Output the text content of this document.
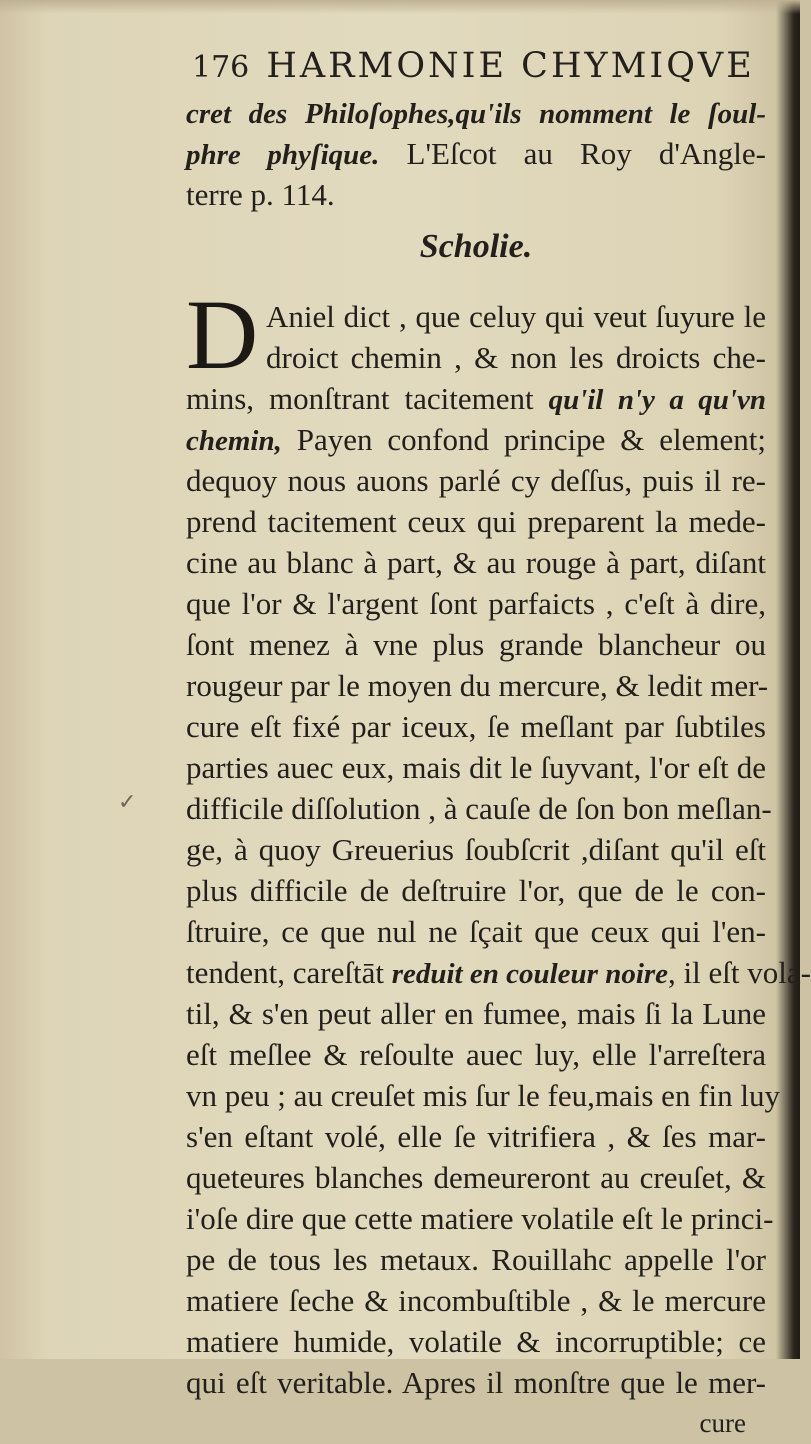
176 HARMONIE CHYMIQVE
cret des Philoſophes,qu'ils nomment le ſoul-
phre phyſique. L'Eſcot au Roy d'Angle-
terre p. 114.
Scholie.
D Aniel dict , que celuy qui veut ſuyure le
droict chemin , & non les droicts che-
mins, monſtrant tacitement qu'il n'y a qu'vn
chemin, Payen confond principe & element;
dequoy nous auons parlé cy deſſus, puis il re-
prend tacitement ceux qui preparent la mede-
cine au blanc à part, & au rouge à part, diſant
que l'or & l'argent ſont parfaicts , c'eſt à dire,
ſont menez à vne plus grande blancheur ou
rougeur par le moyen du mercure, & ledit mer-
cure eſt fixé par iceux, ſe meſlant par ſubtiles
parties auec eux, mais dit le ſuyvant, l'or eſt de
difficile diſſolution , à cauſe de ſon bon meſlan-
ge, à quoy Greuerius ſoubſcrit ,diſant qu'il eſt
plus difficile de deſtruire l'or, que de le con-
ſtruire, ce que nul ne ſçait que ceux qui l'en-
tendent, careſtāt reduit en couleur noire, il eſt vola-
til, & s'en peut aller en fumee, mais ſi la Lune
eſt meſlee & reſoulte auec luy, elle l'arreſtera
vn peu ; au creuſet mis ſur le feu,mais en fin luy
s'en eſtant volé, elle ſe vitrifiera , & ſes mar-
queteures blanches demeureront au creuſet, &
i'oſe dire que cette matiere volatile eſt le princi-
pe de tous les metaux. Rouillahc appelle l'or
matiere ſeche & incombuſtible , & le mercure
matiere humide, volatile & incorruptible; ce
qui eſt veritable. Apres il monſtre que le mer-
cure
✓
